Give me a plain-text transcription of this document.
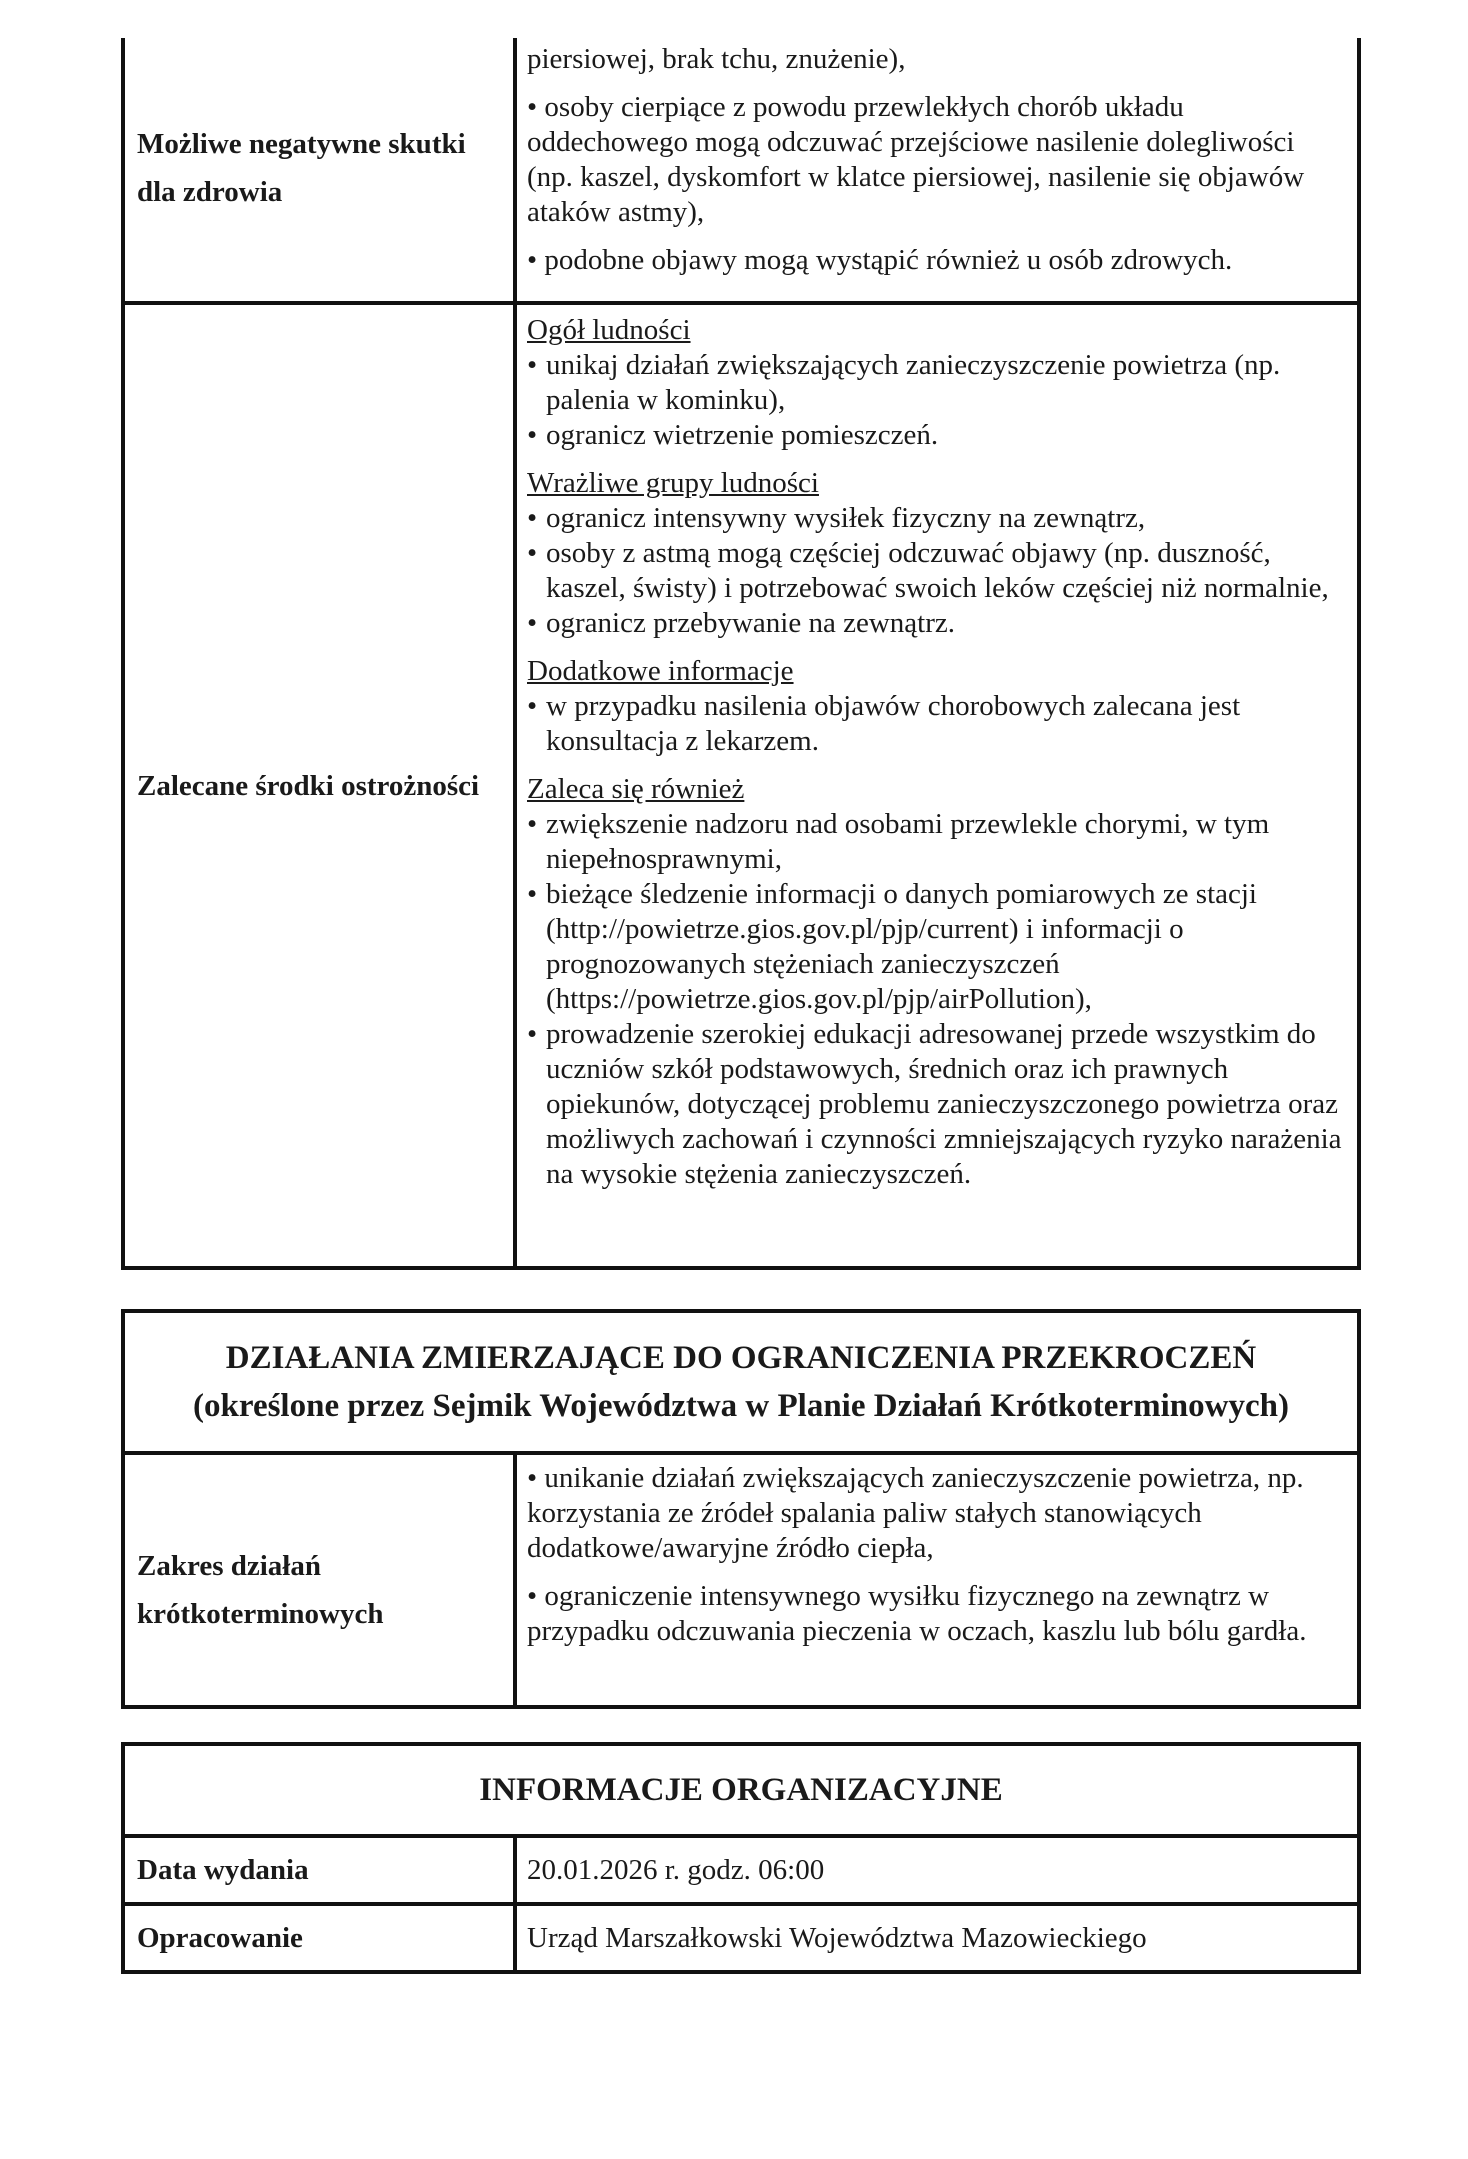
Możliwe negatywne skutki dla zdrowia

piersiowej, brak tchu, znużenie),

• osoby cierpiące z powodu przewlekłych chorób układu oddechowego mogą odczuwać przejściowe nasilenie dolegliwości (np. kaszel, dyskomfort w klatce piersiowej, nasilenie się objawów ataków astmy),

• podobne objawy mogą wystąpić również u osób zdrowych.

Zalecane środki ostrożności

Ogół ludności

• unikaj działań zwiększających zanieczyszczenie powietrza (np. palenia w kominku),

• ogranicz wietrzenie pomieszczeń.

Wrażliwe grupy ludności

• ogranicz intensywny wysiłek fizyczny na zewnątrz,

• osoby z astmą mogą częściej odczuwać objawy (np. duszność, kaszel, świsty) i potrzebować swoich leków częściej niż normalnie,

• ogranicz przebywanie na zewnątrz.

Dodatkowe informacje

• w przypadku nasilenia objawów chorobowych zalecana jest konsultacja z lekarzem.

Zaleca się również

• zwiększenie nadzoru nad osobami przewlekle chorymi, w tym niepełnosprawnymi,

• bieżące śledzenie informacji o danych pomiarowych ze stacji (http://powietrze.gios.gov.pl/pjp/current) i informacji o prognozowanych stężeniach zanieczyszczeń (https://powietrze.gios.gov.pl/pjp/airPollution),

• prowadzenie szerokiej edukacji adresowanej przede wszystkim do uczniów szkół podstawowych, średnich oraz ich prawnych opiekunów, dotyczącej problemu zanieczyszczonego powietrza oraz możliwych zachowań i czynności zmniejszających ryzyko narażenia na wysokie stężenia zanieczyszczeń.

DZIAŁANIA ZMIERZAJĄCE DO OGRANICZENIA PRZEKROCZEŃ
(określone przez Sejmik Województwa w Planie Działań Krótkoterminowych)
Zakres działań krótkoterminowych

• unikanie działań zwiększających zanieczyszczenie powietrza, np. korzystania ze źródeł spalania paliw stałych stanowiących dodatkowe/awaryjne źródło ciepła,

• ograniczenie intensywnego wysiłku fizycznego na zewnątrz w przypadku odczuwania pieczenia w oczach, kaszlu lub bólu gardła.

INFORMACJE ORGANIZACYJNE
Data wydania	20.01.2026 r. godz. 06:00
Opracowanie	Urząd Marszałkowski Województwa Mazowieckiego
